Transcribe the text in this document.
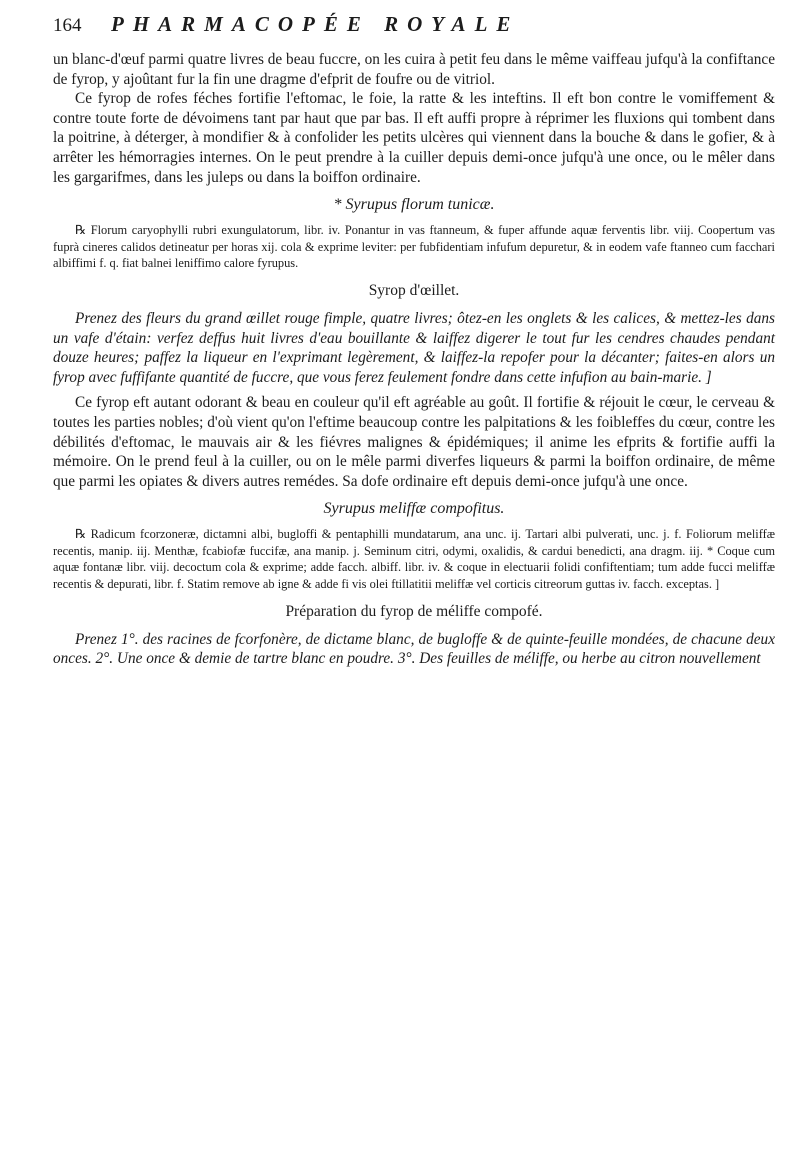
164	PHARMACOPÉE ROYALE

un blanc-d'œuf parmi quatre livres de beau fuccre, on les cuira à petit feu dans le même vaiffeau jufqu'à la confiftance de fyrop, y ajoûtant fur la fin une dragme d'efprit de foufre ou de vitriol.

Ce fyrop de rofes féches fortifie l'eftomac, le foie, la ratte & les inteftins. Il eft bon contre le vomiffement & contre toute forte de dévoimens tant par haut que par bas. Il eft auffi propre à réprimer les fluxions qui tombent dans la poitrine, à déterger, à mondifier & à confolider les petits ulcères qui viennent dans la bouche & dans le gofier, & à arrêter les hémorragies internes. On le peut prendre à la cuiller depuis demi-once jufqu'à une once, ou le mêler dans les gargarifmes, dans les juleps ou dans la boiffon ordinaire.

* Syrupus florum tunicæ.

℞ Florum caryophylli rubri exungulatorum, libr. iv. Ponantur in vas ftanneum, & fuper affunde aquæ ferventis libr. viij. Coopertum vas fuprà cineres calidos detineatur per horas xij. cola & exprime leviter: per fubfidentiam infufum depuretur, & in eodem vafe ftanneo cum facchari albiffimi f. q. fiat balnei leniffimo calore fyrupus.

Syrop d'œillet.

Prenez des fleurs du grand œillet rouge fimple, quatre livres; ôtez-en les onglets & les calices, & mettez-les dans un vafe d'étain: verfez deffus huit livres d'eau bouillante & laiffez digerer le tout fur les cendres chaudes pendant douze heures; paffez la liqueur en l'exprimant legèrement, & laiffez-la repofer pour la décanter; faites-en alors un fyrop avec fuffifante quantité de fuccre, que vous ferez feulement fondre dans cette infufion au bain-marie. ]

Ce fyrop eft autant odorant & beau en couleur qu'il eft agréable au goût. Il fortifie & réjouit le cœur, le cerveau & toutes les parties nobles; d'où vient qu'on l'eftime beaucoup contre les palpitations & les foibleffes du cœur, contre les débilités d'eftomac, le mauvais air & les fiévres malignes & épidémiques; il anime les efprits & fortifie auffi la mémoire. On le prend feul à la cuiller, ou on le mêle parmi diverfes liqueurs & parmi la boiffon ordinaire, de même que parmi les opiates & divers autres remédes. Sa dofe ordinaire eft depuis demi-once jufqu'à une once.

Syrupus meliffæ compofitus.

℞ Radicum fcorzoneræ, dictamni albi, bugloffi & pentaphilli mundatarum, ana unc. ij. Tartari albi pulverati, unc. j. f. Foliorum meliffæ recentis, manip. iij. Menthæ, fcabiofæ fuccifæ, ana manip. j. Seminum citri, odymi, oxalidis, & cardui benedicti, ana dragm. iij. * Coque cum aquæ fontanæ libr. viij. decoctum cola & exprime; adde facch. albiff. libr. iv. & coque in electuarii folidi confiftentiam; tum adde fucci meliffæ recentis & depurati, libr. f. Statim remove ab igne & adde fi vis olei ftillatitii meliffæ vel corticis citreorum guttas iv. facch. exceptas. ]

Préparation du fyrop de méliffe compofé.

Prenez 1°. des racines de fcorfonère, de dictame blanc, de bugloffe & de quinte-feuille mondées, de chacune deux onces. 2°. Une once & demie de tartre blanc en poudre. 3°. Des feuilles de méliffe, ou herbe au citron nouvellement
